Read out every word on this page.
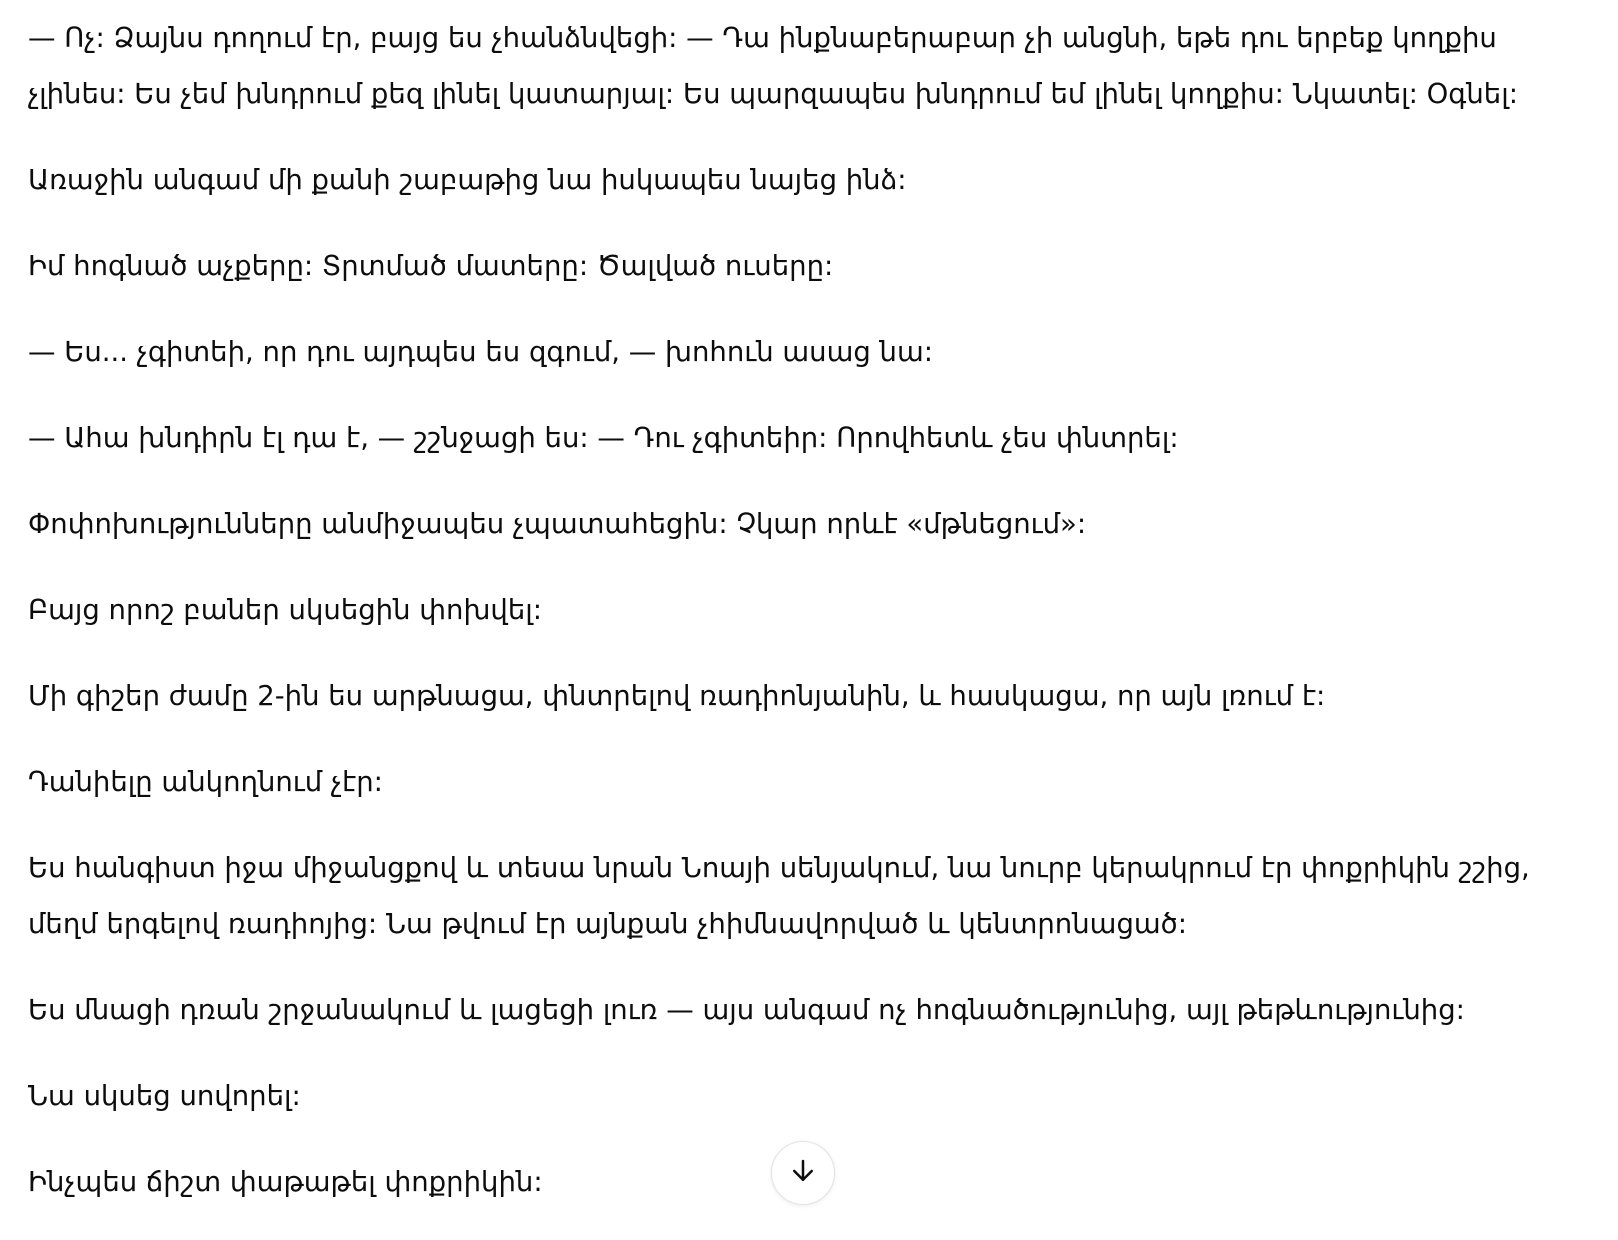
— Ոչ: Ձայնս դողում էր, բայց ես չհանձնվեցի: — Դա ինքնաբերաբար չի անցնի, եթե դու երբեք կողքիս չլինես: Ես չեմ խնդրում քեզ լինել կատարյալ: Ես պարզապես խնդրում եմ լինել կողքիս: Նկատել: Օգնել:

Առաջին անգամ մի քանի շաբաթից նա իսկապես նայեց ինձ:

Իմ հոգնած աչքերը: Տրտմած մատերը: Ծալված ուսերը:

— Ես... չգիտեի, որ դու այդպես ես զգում, — խոհուն ասաց նա:

— Ահա խնդիրն էլ դա է, — շշնջացի ես: — Դու չգիտեիր: Որովհետև չես փնտրել:

Փոփոխությունները անմիջապես չպատահեցին: Չկար որևէ «մթնեցում»:

Բայց որոշ բաներ սկսեցին փոխվել:

Մի գիշեր ժամը 2-ին ես արթնացա, փնտրելով ռադիոնյանին, և հասկացա, որ այն լռում է:

Դանիելը անկողնում չէր:

Ես հանգիստ իջա միջանցքով և տեսա նրան Նոայի սենյակում, նա նուրբ կերակրում էր փոքրիկին շշից, մեղմ երգելով ռադիոյից: Նա թվում էր այնքան չհիմնավորված և կենտրոնացած:

Ես մնացի դռան շրջանակում և լացեցի լուռ — այս անգամ ոչ հոգնածությունից, այլ թեթևությունից:

Նա սկսեց սովորել:

Ինչպես ճիշտ փաթաթել փոքրիկին:
